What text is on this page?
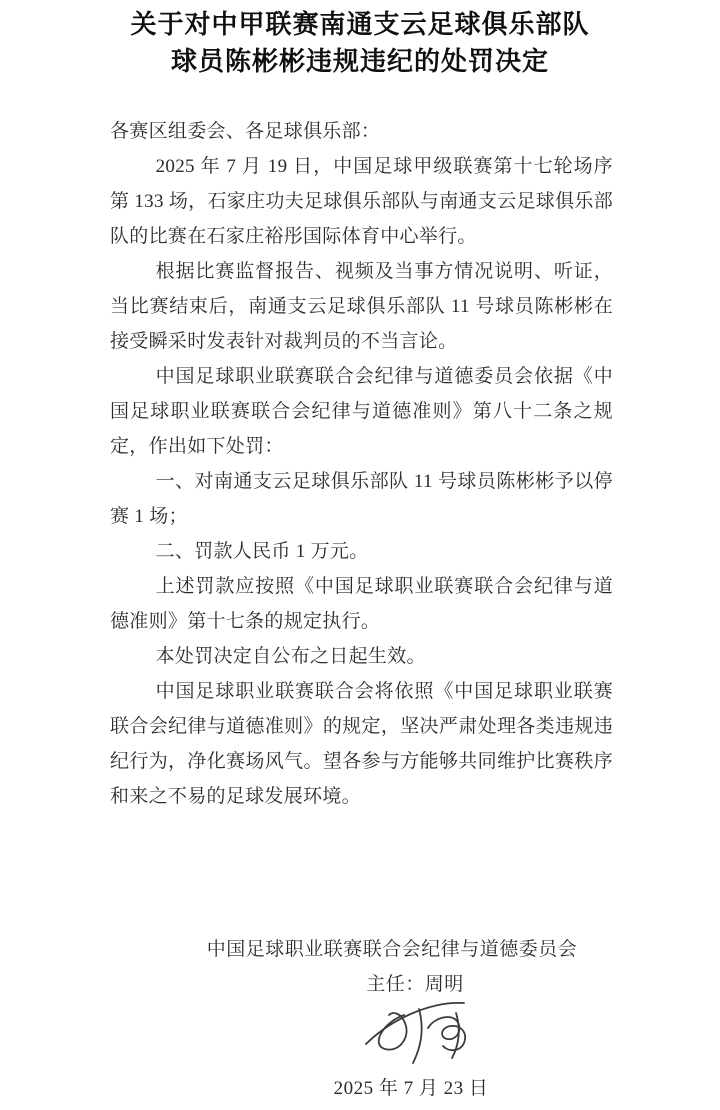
关于对中甲联赛南通支云足球俱乐部队
球员陈彬彬违规违纪的处罚决定

各赛区组委会、各足球俱乐部：

2025 年 7 月 19 日，中国足球甲级联赛第十七轮场序第 133 场，石家庄功夫足球俱乐部队与南通支云足球俱乐部队的比赛在石家庄裕彤国际体育中心举行。

根据比赛监督报告、视频及当事方情况说明、听证，当比赛结束后，南通支云足球俱乐部队 11 号球员陈彬彬在接受瞬采时发表针对裁判员的不当言论。

中国足球职业联赛联合会纪律与道德委员会依据《中国足球职业联赛联合会纪律与道德准则》第八十二条之规定，作出如下处罚：

一、对南通支云足球俱乐部队 11 号球员陈彬彬予以停赛 1 场；

二、罚款人民币 1 万元。

上述罚款应按照《中国足球职业联赛联合会纪律与道德准则》第十七条的规定执行。

本处罚决定自公布之日起生效。

中国足球职业联赛联合会将依照《中国足球职业联赛联合会纪律与道德准则》的规定，坚决严肃处理各类违规违纪行为，净化赛场风气。望各参与方能够共同维护比赛秩序和来之不易的足球发展环境。

中国足球职业联赛联合会纪律与道德委员会
主任：周明
2025 年 7 月 23 日
